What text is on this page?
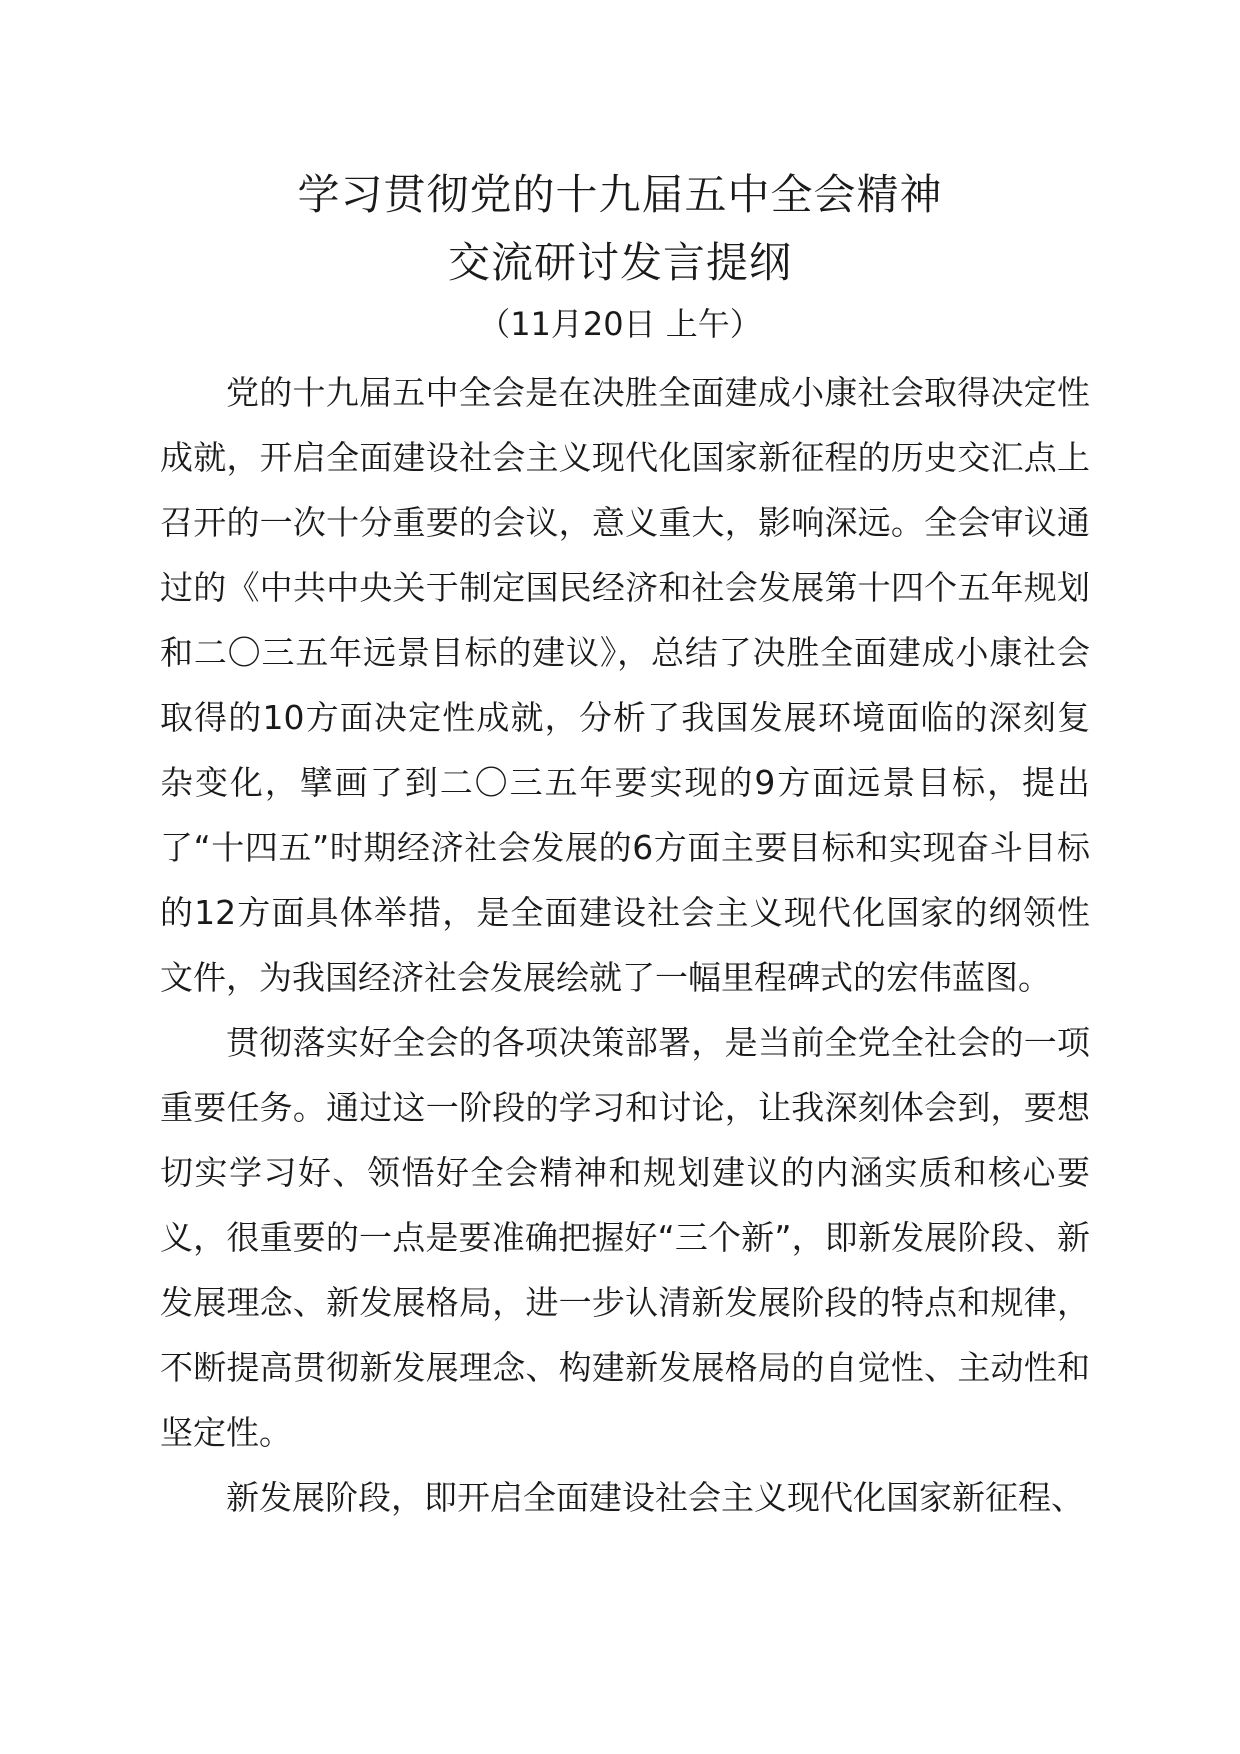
学习贯彻党的十九届五中全会精神
交流研讨发言提纲
（11月20日 上午）

党的十九届五中全会是在决胜全面建成小康社会取得决定性成就，开启全面建设社会主义现代化国家新征程的历史交汇点上召开的一次十分重要的会议，意义重大，影响深远。全会审议通过的《中共中央关于制定国民经济和社会发展第十四个五年规划和二〇三五年远景目标的建议》，总结了决胜全面建成小康社会取得的10方面决定性成就，分析了我国发展环境面临的深刻复杂变化，擘画了到二〇三五年要实现的9方面远景目标，提出了“十四五”时期经济社会发展的6方面主要目标和实现奋斗目标的12方面具体举措，是全面建设社会主义现代化国家的纲领性文件，为我国经济社会发展绘就了一幅里程碑式的宏伟蓝图。

贯彻落实好全会的各项决策部署，是当前全党全社会的一项重要任务。通过这一阶段的学习和讨论，让我深刻体会到，要想切实学习好、领悟好全会精神和规划建议的内涵实质和核心要义，很重要的一点是要准确把握好“三个新”，即新发展阶段、新发展理念、新发展格局，进一步认清新发展阶段的特点和规律，不断提高贯彻新发展理念、构建新发展格局的自觉性、主动性和坚定性。

新发展阶段，即开启全面建设社会主义现代化国家新征程、
